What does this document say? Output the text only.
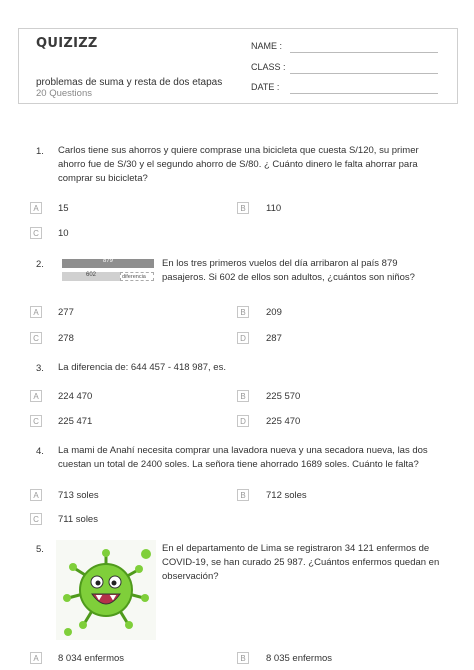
QUIZIZZ
problemas de suma y resta de dos etapas
20 Questions
NAME :
CLASS :
DATE :
1. Carlos tiene sus ahorros y quiere comprase una bicicleta que cuesta S/120, su primer
ahorro fue de S/30 y el segundo ahorro de S/80. ¿ Cuánto dinero le falta ahorrar para
comprar su bicicleta?
A	15	B	110
C	10
2.	879
602	diferencia
En los tres primeros vuelos del día arribaron al país 879
pasajeros. Si 602 de ellos son adultos, ¿cuántos son niños?
A	277	B	209
C	278	D	287
3. La diferencia de: 644 457 - 418 987, es.
A	224 470	B	225 570
C	225 471	D	225 470
4. La mami de Anahí necesita comprar una lavadora nueva y una secadora nueva, las dos
cuestan un total de 2400 soles. La señora tiene ahorrado 1689 soles. Cuánto le falta?
A	713 soles	B	712 soles
C	711 soles
5.	En el departamento de Lima se registraron 34 121 enfermos de
COVID-19, se han curado 25 987. ¿Cuántos enfermos quedan en
observación?
A	8 034 enfermos	B	8 035 enfermos
